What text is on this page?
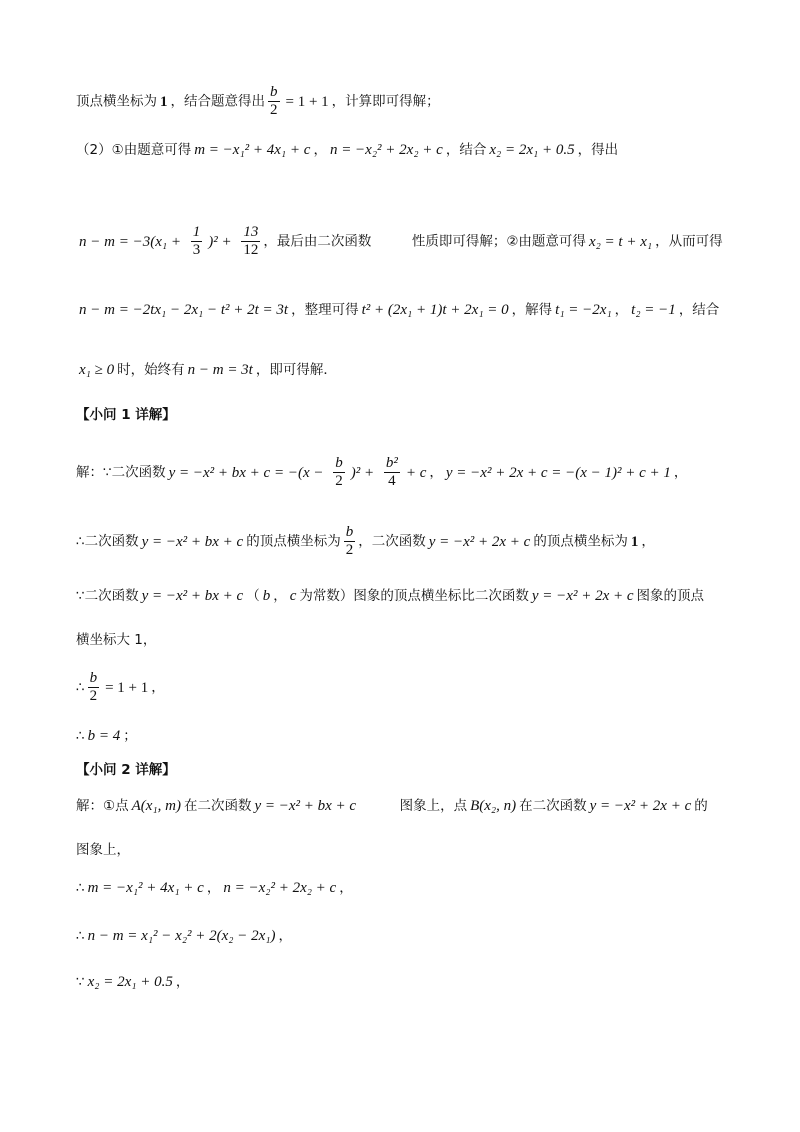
顶点横坐标为 1 ，结合题意得出 $\frac{b}{2} = 1 + 1$ ，计算即可得解；
（2）①由题意可得 m = −x₁² + 4x₁ + c ， n = −x₂² + 2x₂ + c ，结合 x₂ = 2x₁ + 0.5 ，得出
$n - m = -3(x_1 + \frac{1}{3} )^2 + \frac{13}{12}$ ，最后由二次函数　　　性质即可得解；②由题意可得 x₂ = t + x₁ ，从而可得
n − m = −2tx₁ − 2x₁ − t² + 2t = 3t ，整理可得 t² + (2x₁ + 1)t + 2x₁ = 0 ，解得 t₁ = −2x₁ ， t₂ = −1 ，结合
x₁ ≥ 0 时，始终有 n − m = 3t ，即可得解．
【小问 1 详解】
解：∵二次函数 y = −x² + bx + $c = -(x - \frac{b}{2} )^2 + \frac{\text{b²}}{4} + c$ ， y = −x² + 2x + c = −(x − 1)² + c + 1 ，
∴二次函数 y = −x² + bx + c 的顶点横坐标为 $\frac{b}{2}$ ，二次函数 y = −x² + 2x + c 的顶点横坐标为 1 ，
∵二次函数 y = −x² + bx + c （ b ， c 为常数）图象的顶点横坐标比二次函数 y = −x² + 2x + c 图象的顶点
横坐标大 1，
∴ $\frac{b}{2} = 1 + 1$ ，
∴ b = 4 ；
【小问 2 详解】
解：①点 A(x₁, m) 在二次函数 y = −x² + bx + c　　　图象上，点 B(x₂, n) 在二次函数 y = −x² + 2x + c 的
图象上，
∴ m = −x₁² + 4x₁ + c ， n = −x₂² + 2x₂ + c ，
∴ n − m = x₁² − x₂² + 2(x₂ − 2x₁) ，
∵ x₂ = 2x₁ + 0.5 ，
